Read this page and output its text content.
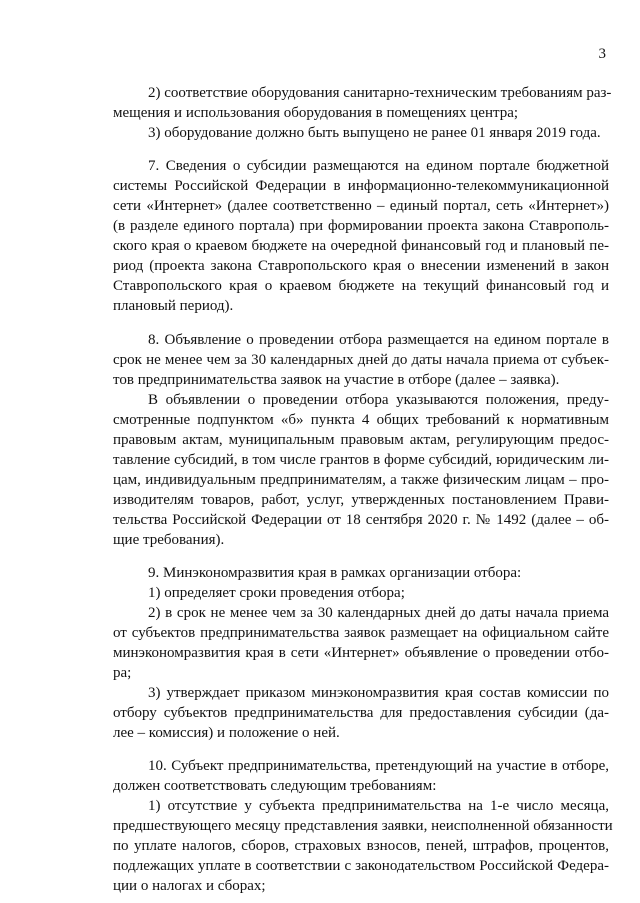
3
2) соответствие оборудования санитарно-техническим требованиям раз-
мещения и использования оборудования в помещениях центра;
3) оборудование должно быть выпущено не ранее 01 января 2019 года.
7. Сведения о субсидии размещаются на едином портале бюджетной
системы Российской Федерации в информационно-телекоммуникационной
сети «Интернет» (далее соответственно – единый портал, сеть «Интернет»)
(в разделе единого портала) при формировании проекта закона Ставрополь-
ского края о краевом бюджете на очередной финансовый год и плановый пе-
риод (проекта закона Ставропольского края о внесении изменений в закон
Ставропольского края о краевом бюджете на текущий финансовый год и
плановый период).
8. Объявление о проведении отбора размещается на едином портале в
срок не менее чем за 30 календарных дней до даты начала приема от субъек-
тов предпринимательства заявок на участие в отборе (далее – заявка).
В объявлении о проведении отбора указываются положения, преду-
смотренные подпунктом «б» пункта 4 общих требований к нормативным
правовым актам, муниципальным правовым актам, регулирующим предос-
тавление субсидий, в том числе грантов в форме субсидий, юридическим ли-
цам, индивидуальным предпринимателям, а также физическим лицам – про-
изводителям товаров, работ, услуг, утвержденных постановлением Прави-
тельства Российской Федерации от 18 сентября 2020 г. № 1492 (далее – об-
щие требования).
9. Минэкономразвития края в рамках организации отбора:
1) определяет сроки проведения отбора;
2) в срок не менее чем за 30 календарных дней до даты начала приема
от субъектов предпринимательства заявок размещает на официальном сайте
минэкономразвития края в сети «Интернет» объявление о проведении отбо-
ра;
3) утверждает приказом минэкономразвития края состав комиссии по
отбору субъектов предпринимательства для предоставления субсидии (да-
лее – комиссия) и положение о ней.
10. Субъект предпринимательства, претендующий на участие в отборе,
должен соответствовать следующим требованиям:
1) отсутствие у субъекта предпринимательства на 1-е число месяца,
предшествующего месяцу представления заявки, неисполненной обязанности
по уплате налогов, сборов, страховых взносов, пеней, штрафов, процентов,
подлежащих уплате в соответствии с законодательством Российской Федера-
ции о налогах и сборах;
